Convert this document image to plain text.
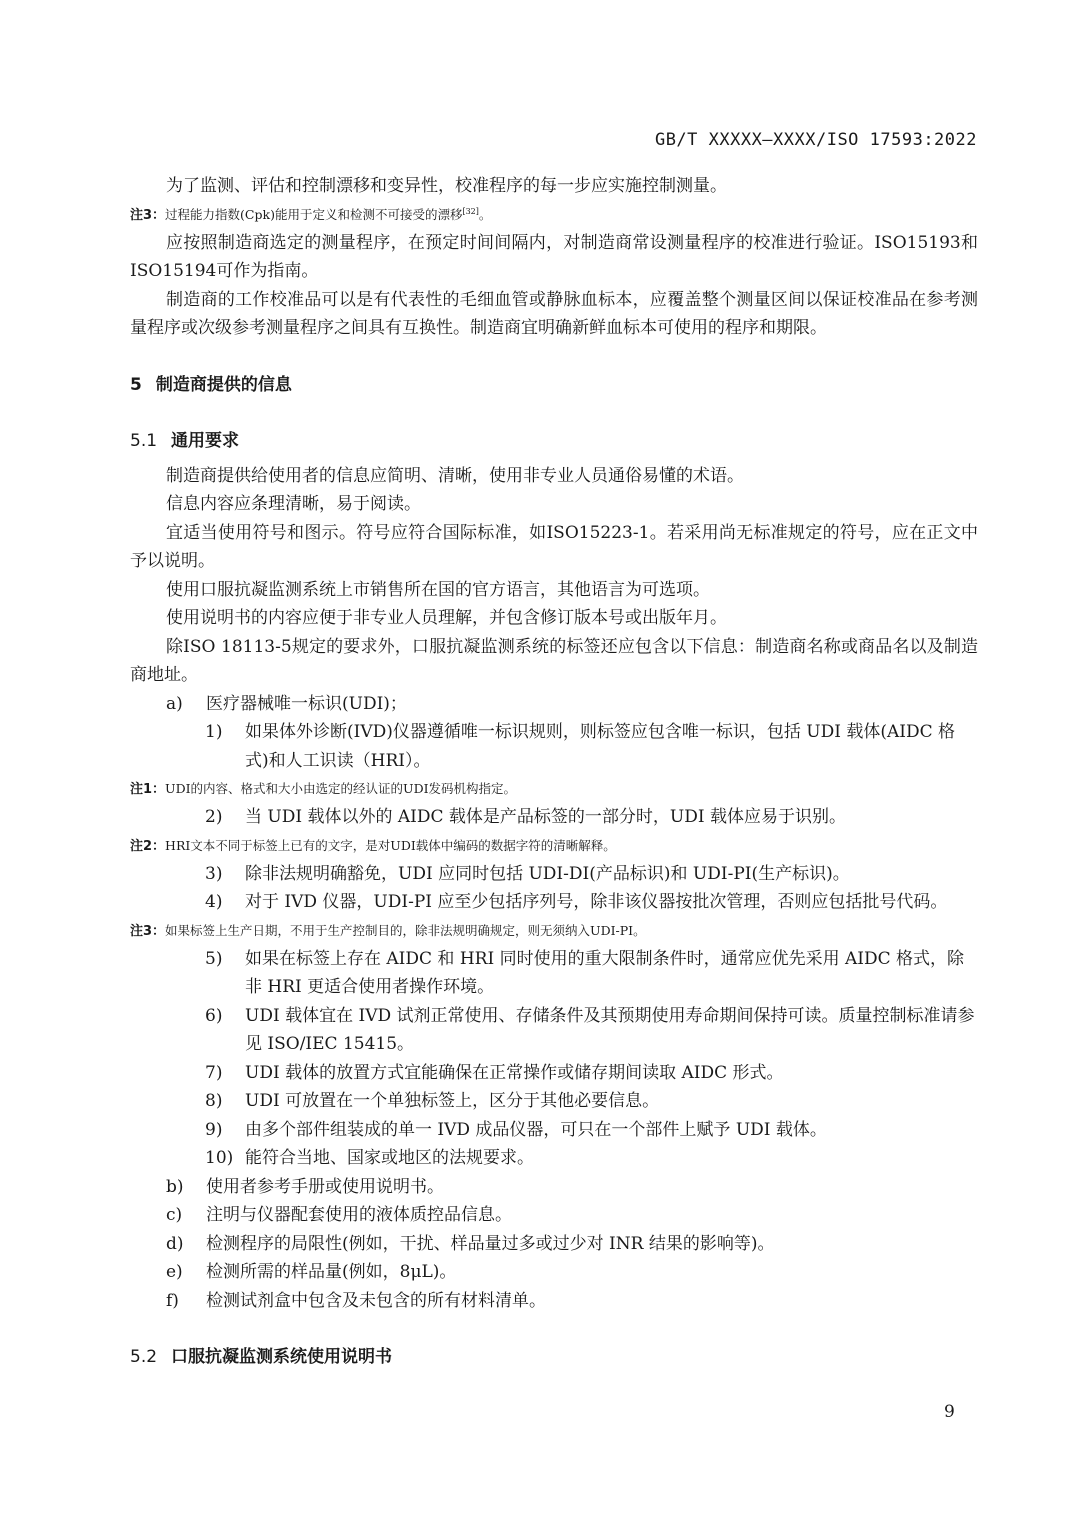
GB/T XXXXX—XXXX/ISO 17593:2022

为了监测、评估和控制漂移和变异性，校准程序的每一步应实施控制测量。

注3：过程能力指数(Cpk)能用于定义和检测不可接受的漂移[32]。

应按照制造商选定的测量程序，在预定时间间隔内，对制造商常设测量程序的校准进行验证。ISO15193和ISO15194可作为指南。

制造商的工作校准品可以是有代表性的毛细血管或静脉血标本，应覆盖整个测量区间以保证校准品在参考测量程序或次级参考测量程序之间具有互换性。制造商宜明确新鲜血标本可使用的程序和期限。

5 制造商提供的信息
5.1 通用要求

制造商提供给使用者的信息应简明、清晰，使用非专业人员通俗易懂的术语。

信息内容应条理清晰，易于阅读。

宜适当使用符号和图示。符号应符合国际标准，如ISO15223-1。若采用尚无标准规定的符号，应在正文中予以说明。

使用口服抗凝监测系统上市销售所在国的官方语言，其他语言为可选项。

使用说明书的内容应便于非专业人员理解，并包含修订版本号或出版年月。

除ISO 18113-5规定的要求外，口服抗凝监测系统的标签还应包含以下信息：制造商名称或商品名以及制造商地址。

a) 医疗器械唯一标识(UDI)；

1) 如果体外诊断(IVD)仪器遵循唯一标识规则，则标签应包含唯一标识，包括 UDI 载体(AIDC 格式)和人工识读（HRI）。

注1：UDI的内容、格式和大小由选定的经认证的UDI发码机构指定。

2) 当 UDI 载体以外的 AIDC 载体是产品标签的一部分时，UDI 载体应易于识别。

注2：HRI文本不同于标签上已有的文字，是对UDI载体中编码的数据字符的清晰解释。

3) 除非法规明确豁免，UDI 应同时包括 UDI-DI(产品标识)和 UDI-PI(生产标识)。

4) 对于 IVD 仪器，UDI-PI 应至少包括序列号，除非该仪器按批次管理，否则应包括批号代码。

注3：如果标签上生产日期，不用于生产控制目的，除非法规明确规定，则无须纳入UDI-PI。

5) 如果在标签上存在 AIDC 和 HRI 同时使用的重大限制条件时，通常应优先采用 AIDC 格式，除非 HRI 更适合使用者操作环境。

6) UDI 载体宜在 IVD 试剂正常使用、存储条件及其预期使用寿命期间保持可读。质量控制标准请参见 ISO/IEC 15415。

7) UDI 载体的放置方式宜能确保在正常操作或储存期间读取 AIDC 形式。

8) UDI 可放置在一个单独标签上，区分于其他必要信息。

9) 由多个部件组装成的单一 IVD 成品仪器，可只在一个部件上赋予 UDI 载体。

10) 能符合当地、国家或地区的法规要求。

b) 使用者参考手册或使用说明书。

c) 注明与仪器配套使用的液体质控品信息。

d) 检测程序的局限性(例如，干扰、样品量过多或过少对 INR 结果的影响等)。

e) 检测所需的样品量(例如，8μL)。

f) 检测试剂盒中包含及未包含的所有材料清单。

5.2 口服抗凝监测系统使用说明书
9
